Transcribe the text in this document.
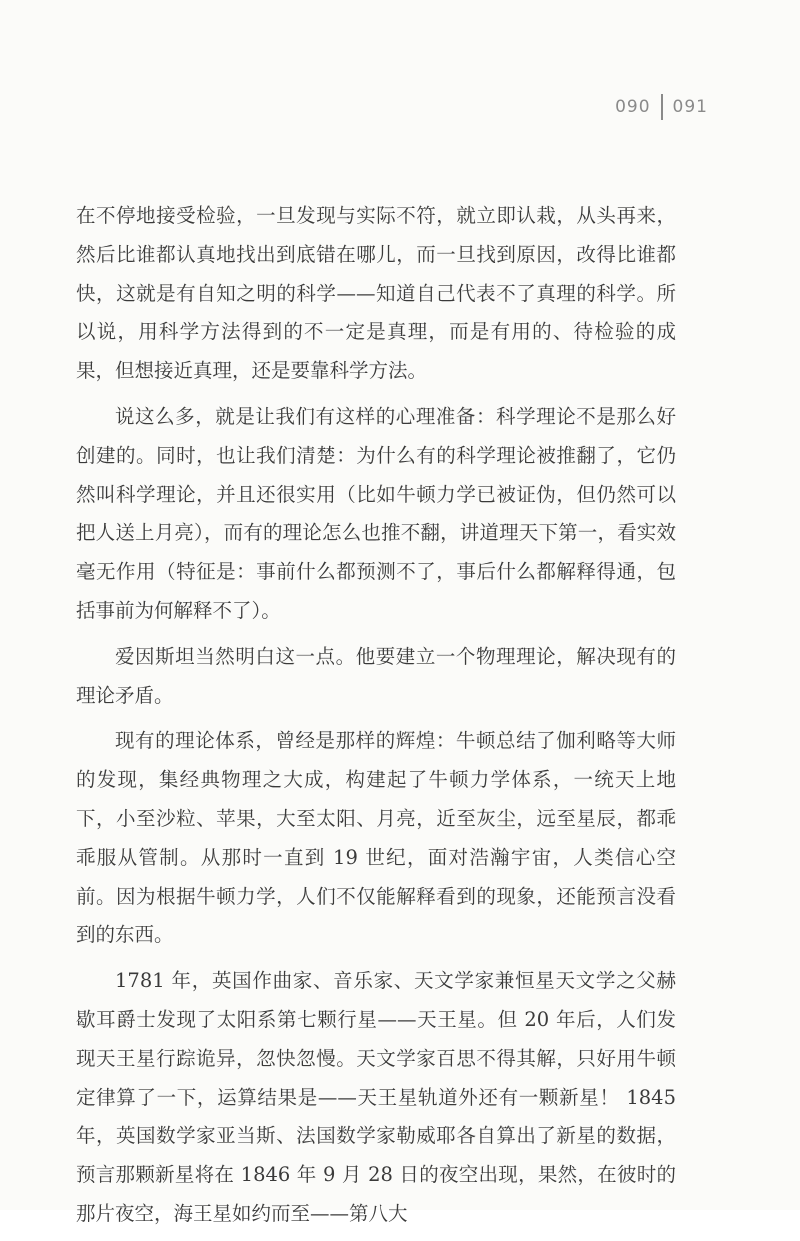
090 091

在不停地接受检验，一旦发现与实际不符，就立即认栽，从头再来，然后比谁都认真地找出到底错在哪儿，而一旦找到原因，改得比谁都快，这就是有自知之明的科学——知道自己代表不了真理的科学。所以说，用科学方法得到的不一定是真理，而是有用的、待检验的成果，但想接近真理，还是要靠科学方法。

说这么多，就是让我们有这样的心理准备：科学理论不是那么好创建的。同时，也让我们清楚：为什么有的科学理论被推翻了，它仍然叫科学理论，并且还很实用（比如牛顿力学已被证伪，但仍然可以把人送上月亮），而有的理论怎么也推不翻，讲道理天下第一，看实效毫无作用（特征是：事前什么都预测不了，事后什么都解释得通，包括事前为何解释不了）。

爱因斯坦当然明白这一点。他要建立一个物理理论，解决现有的理论矛盾。

现有的理论体系，曾经是那样的辉煌：牛顿总结了伽利略等大师的发现，集经典物理之大成，构建起了牛顿力学体系，一统天上地下，小至沙粒、苹果，大至太阳、月亮，近至灰尘，远至星辰，都乖乖服从管制。从那时一直到 19 世纪，面对浩瀚宇宙，人类信心空前。因为根据牛顿力学，人们不仅能解释看到的现象，还能预言没看到的东西。

1781 年，英国作曲家、音乐家、天文学家兼恒星天文学之父赫歇耳爵士发现了太阳系第七颗行星——天王星。但 20 年后，人们发现天王星行踪诡异，忽快忽慢。天文学家百思不得其解，只好用牛顿定律算了一下，运算结果是——天王星轨道外还有一颗新星！ 1845 年，英国数学家亚当斯、法国数学家勒威耶各自算出了新星的数据，预言那颗新星将在 1846 年 9 月 28 日的夜空出现，果然，在彼时的那片夜空，海王星如约而至——第八大
